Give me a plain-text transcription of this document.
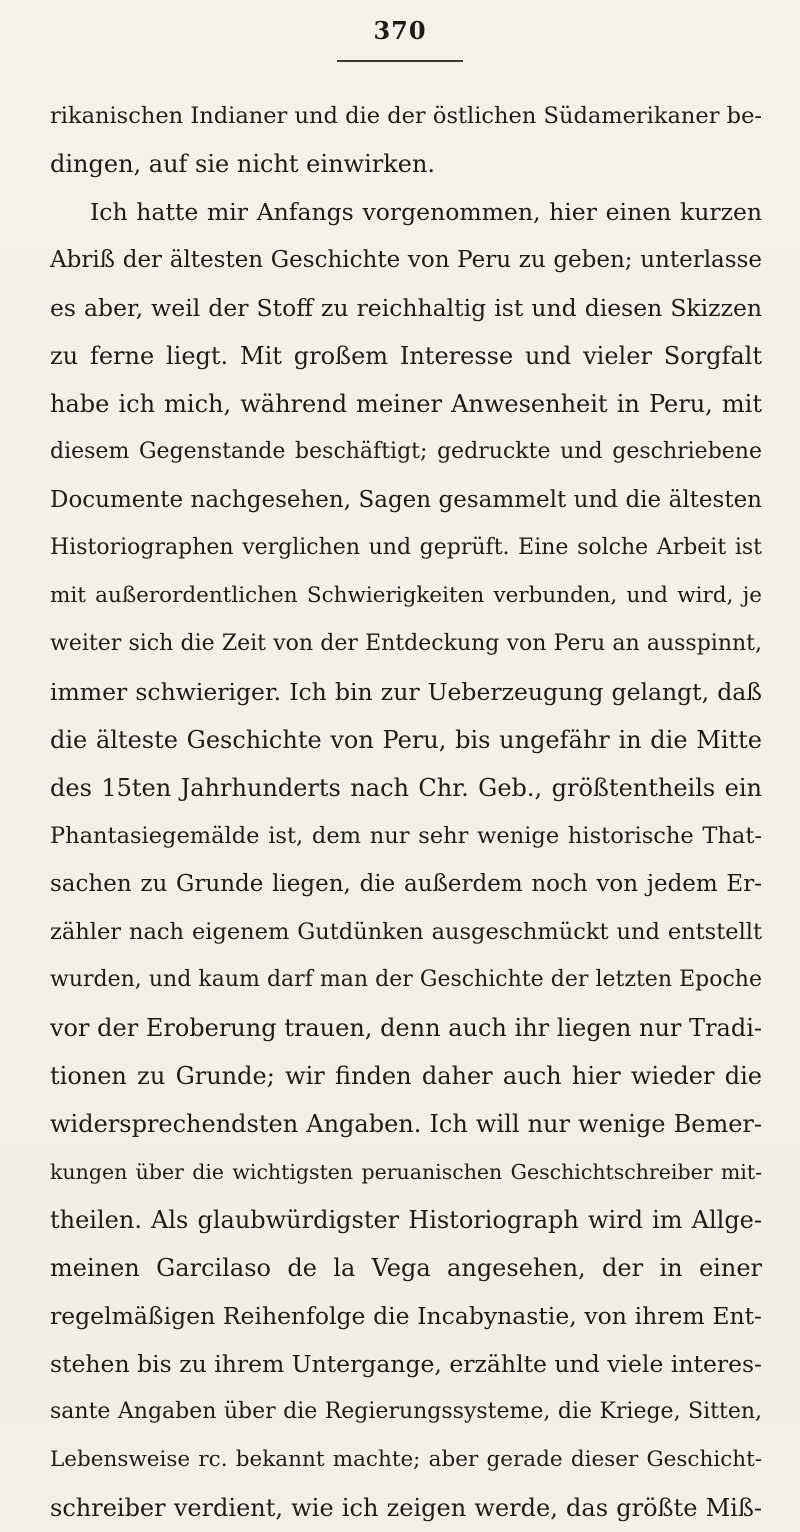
370
rikanischen Indianer und die der östlichen Südamerikaner be-
dingen, auf sie nicht einwirken.
Ich hatte mir Anfangs vorgenommen, hier einen kurzen
Abriß der ältesten Geschichte von Peru zu geben; unterlasse
es aber, weil der Stoff zu reichhaltig ist und diesen Skizzen
zu ferne liegt. Mit großem Interesse und vieler Sorgfalt
habe ich mich, während meiner Anwesenheit in Peru, mit
diesem Gegenstande beschäftigt; gedruckte und geschriebene
Documente nachgesehen, Sagen gesammelt und die ältesten
Historiographen verglichen und geprüft. Eine solche Arbeit ist
mit außerordentlichen Schwierigkeiten verbunden, und wird, je
weiter sich die Zeit von der Entdeckung von Peru an ausspinnt,
immer schwieriger. Ich bin zur Ueberzeugung gelangt, daß
die älteste Geschichte von Peru, bis ungefähr in die Mitte
des 15ten Jahrhunderts nach Chr. Geb., größtentheils ein
Phantasiegemälde ist, dem nur sehr wenige historische That-
sachen zu Grunde liegen, die außerdem noch von jedem Er-
zähler nach eigenem Gutdünken ausgeschmückt und entstellt
wurden, und kaum darf man der Geschichte der letzten Epoche
vor der Eroberung trauen, denn auch ihr liegen nur Tradi-
tionen zu Grunde; wir finden daher auch hier wieder die
widersprechendsten Angaben. Ich will nur wenige Bemer-
kungen über die wichtigsten peruanischen Geschichtschreiber mit-
theilen. Als glaubwürdigster Historiograph wird im Allge-
meinen Garcilaso de la Vega angesehen, der in einer
regelmäßigen Reihenfolge die Incabynastie, von ihrem Ent-
stehen bis zu ihrem Untergange, erzählte und viele interes-
sante Angaben über die Regierungssysteme, die Kriege, Sitten,
Lebensweise rc. bekannt machte; aber gerade dieser Geschicht-
schreiber verdient, wie ich zeigen werde, das größte Miß-
